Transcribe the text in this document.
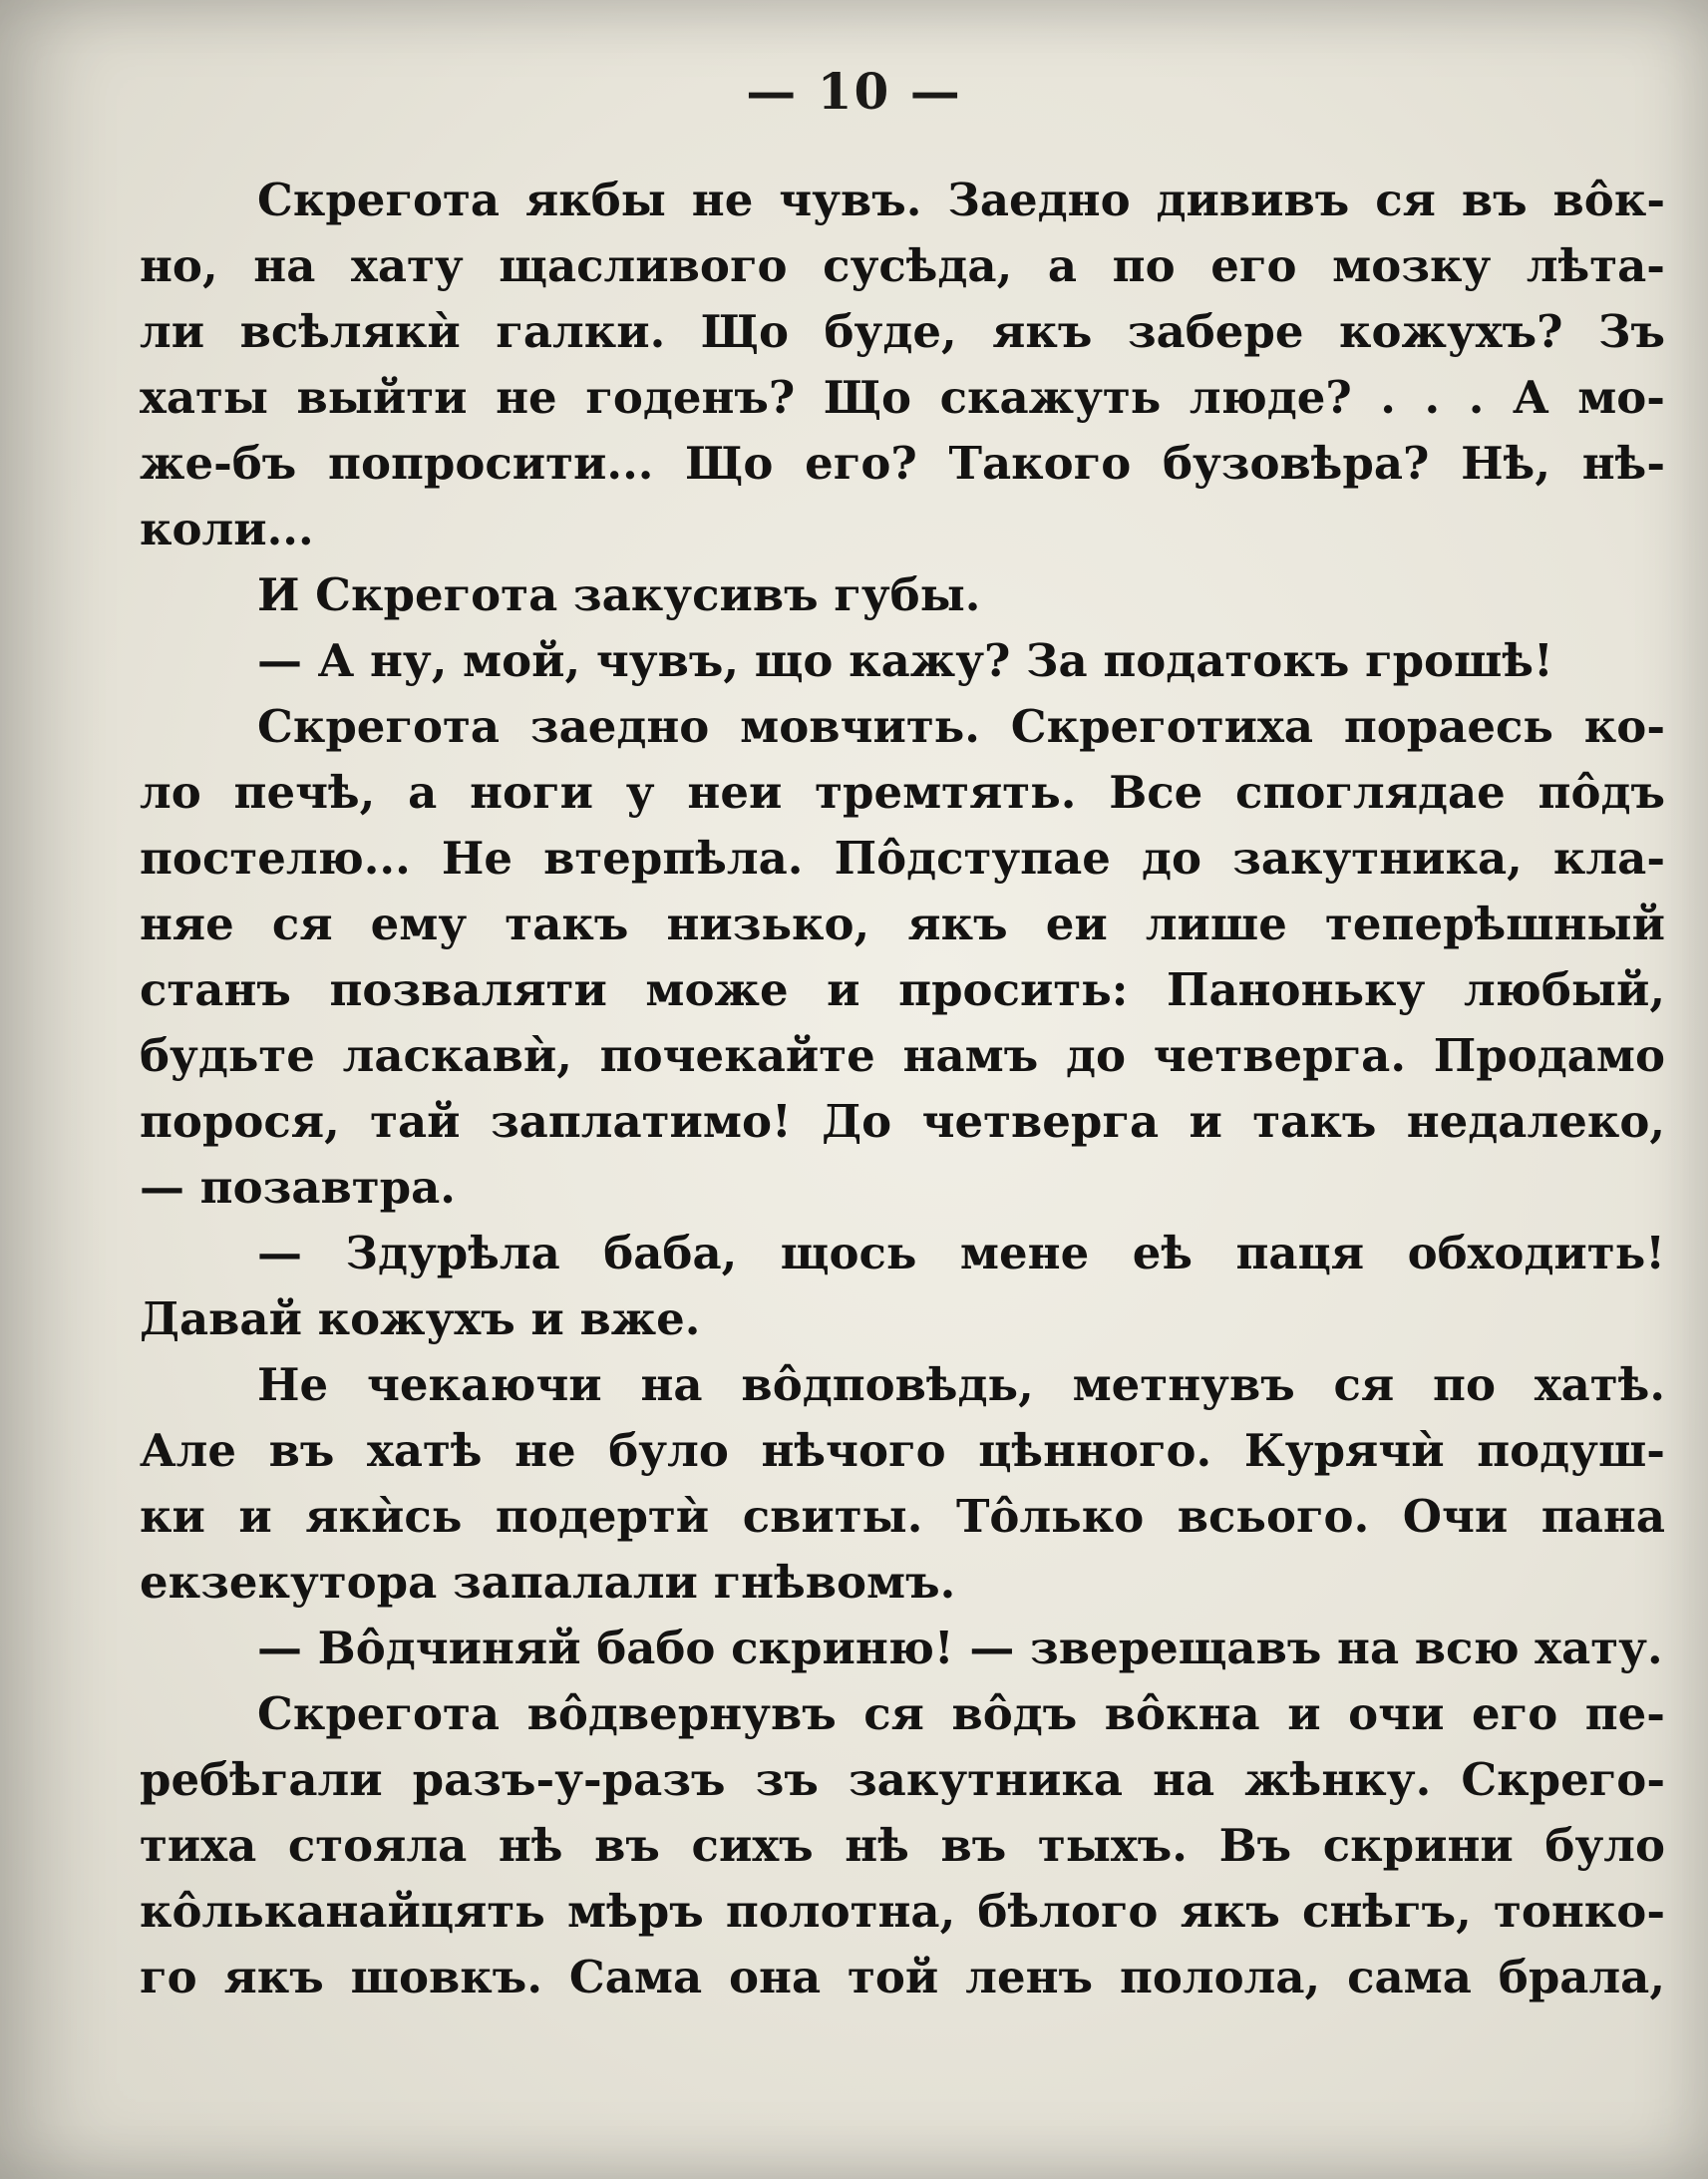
— 10 —
Скрегота якбы не чувъ. Заедно дививъ ся въ вôк-
но, на хату щасливого сусѣда, а по его мозку лѣта-
ли всѣлякѝ галки. Що буде, якъ забере кожухъ? Зъ
хаты выйти не годенъ? Що скажуть люде? . . . А мо-
же-бъ попросити... Що его? Такого бузовѣра? Нѣ, нѣ-
коли...
И Скрегота закусивъ губы.
— А ну, мой, чувъ, що кажу? За податокъ грошѣ!
Скрегота заедно мовчить. Скреготиха пораесь ко-
ло печѣ, а ноги у неи тремтять. Все споглядае пôдъ
постелю... Не втерпѣла. Пôдступае до закутника, кла-
няе ся ему такъ низько, якъ еи лише теперѣшный
станъ позваляти може и просить: Паноньку любый,
будьте ласкавѝ, почекайте намъ до четверга. Продамо
порося, тай заплатимо! До четверга и такъ недалеко,
— позавтра.
— Здурѣла баба, щось мене еѣ паця обходить!
Давай кожухъ и вже.
Не чекаючи на вôдповѣдь, метнувъ ся по хатѣ.
Але въ хатѣ не було нѣчого цѣнного. Курячѝ подуш-
ки и якѝсь подертѝ свиты. Тôлько всього. Очи пана
екзекутора запалали гнѣвомъ.
— Вôдчиняй бабо скриню! — зверещавъ на всю хату.
Скрегота вôдвернувъ ся вôдъ вôкна и очи его пе-
ребѣгали разъ-у-разъ зъ закутника на жѣнку. Скрего-
тиха стояла нѣ въ сихъ нѣ въ тыхъ. Въ скрини було
кôльканайцять мѣръ полотна, бѣлого якъ снѣгъ, тонко-
го якъ шовкъ. Сама она той ленъ полола, сама брала,
